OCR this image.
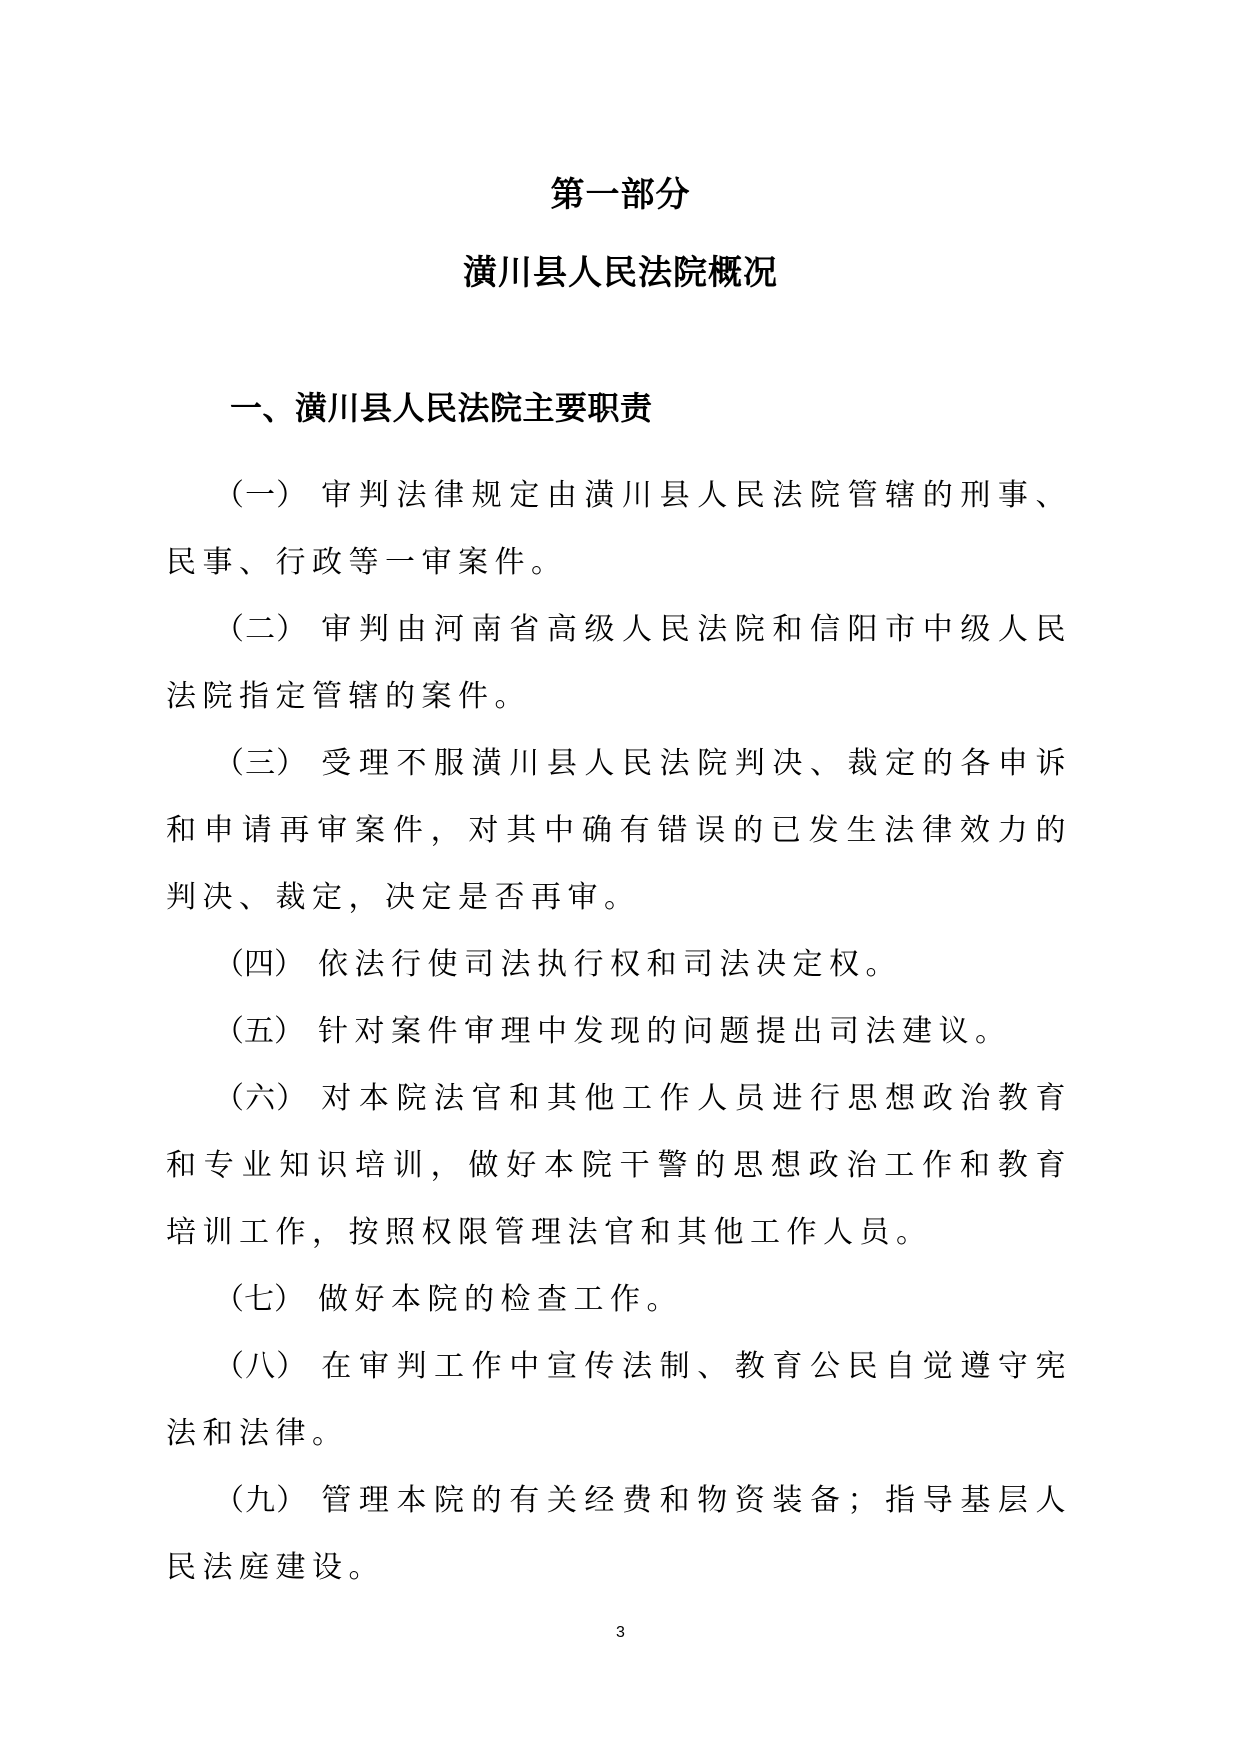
第一部分
潢川县人民法院概况
一、潢川县人民法院主要职责

（一） 审判法律规定由潢川县人民法院管辖的刑事、民事、行政等一审案件。

（二） 审判由河南省高级人民法院和信阳市中级人民法院指定管辖的案件。

（三） 受理不服潢川县人民法院判决、裁定的各申诉和申请再审案件，对其中确有错误的已发生法律效力的判决、裁定，决定是否再审。

（四） 依法行使司法执行权和司法决定权。

（五） 针对案件审理中发现的问题提出司法建议。

（六） 对本院法官和其他工作人员进行思想政治教育和专业知识培训，做好本院干警的思想政治工作和教育培训工作，按照权限管理法官和其他工作人员。

（七） 做好本院的检查工作。

（八） 在审判工作中宣传法制、教育公民自觉遵守宪法和法律。

（九） 管理本院的有关经费和物资装备；指导基层人民法庭建设。

3
